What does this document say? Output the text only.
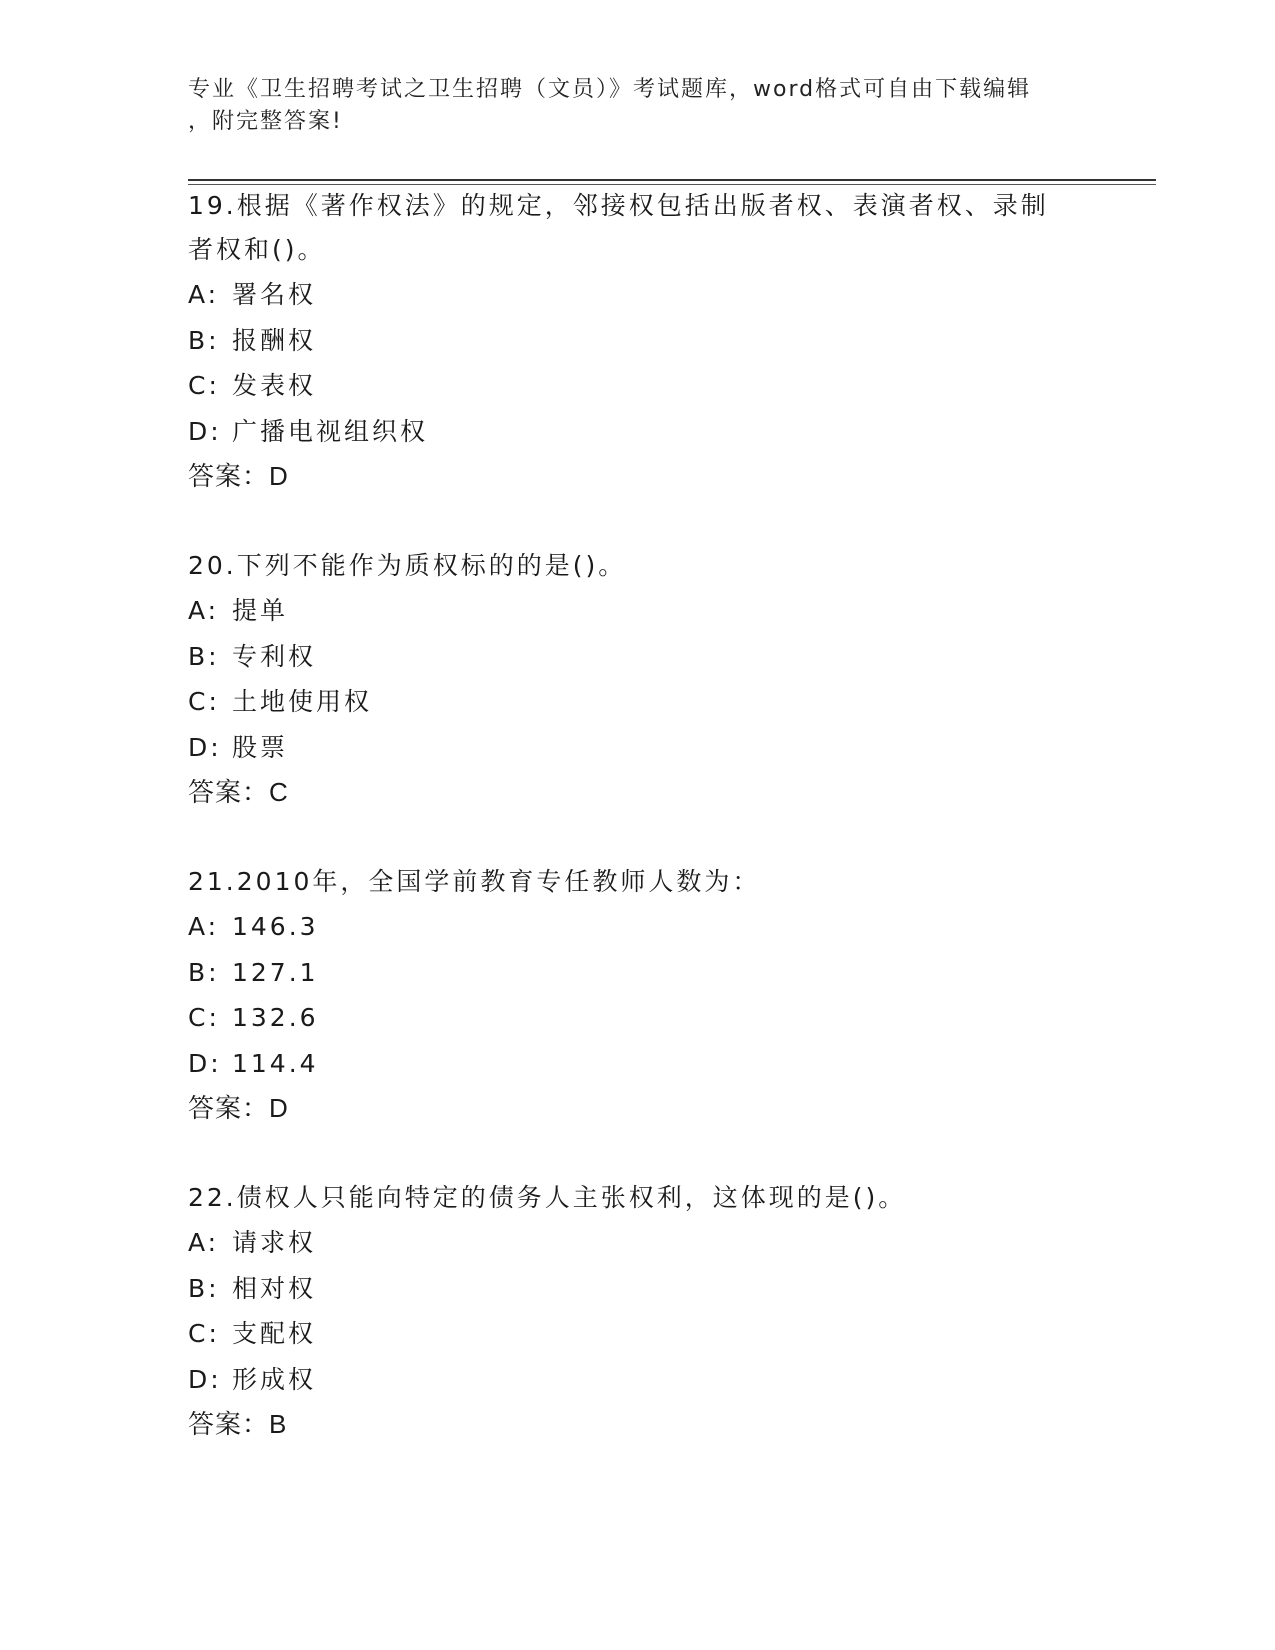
专业《卫生招聘考试之卫生招聘（文员）》考试题库，word格式可自由下载编辑
，附完整答案!
19.根据《著作权法》的规定，邻接权包括出版者权、表演者权、录制
者权和()。
A: 署名权
B: 报酬权
C: 发表权
D: 广播电视组织权
答案：D
20.下列不能作为质权标的的是()。
A: 提单
B: 专利权
C: 土地使用权
D: 股票
答案：C
21.2010年，全国学前教育专任教师人数为：
A: 146.3
B: 127.1
C: 132.6
D: 114.4
答案：D
22.债权人只能向特定的债务人主张权利，这体现的是()。
A: 请求权
B: 相对权
C: 支配权
D: 形成权
答案：B
